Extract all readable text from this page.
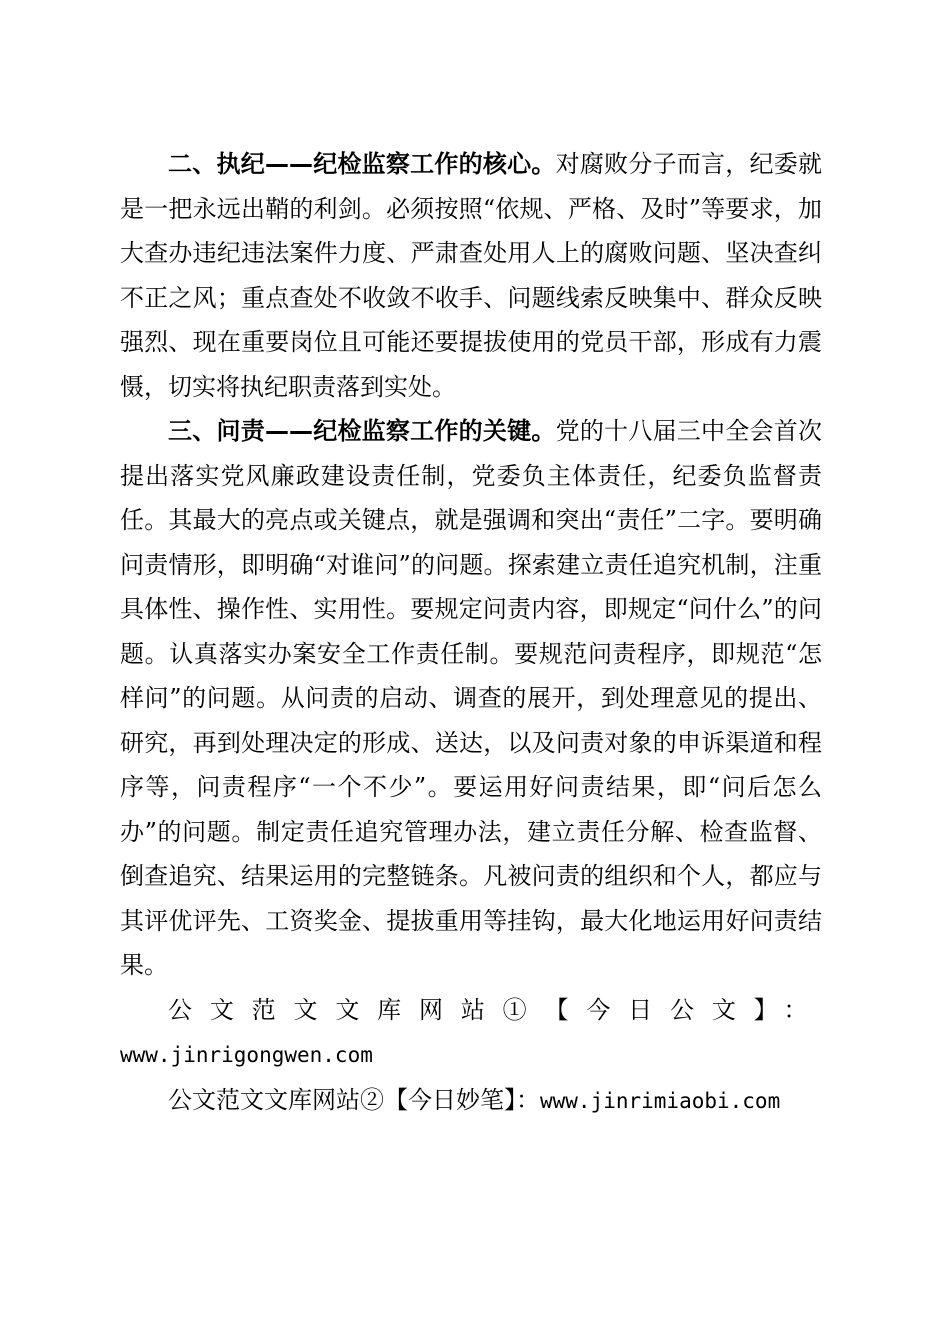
二、执纪——纪检监察工作的核心。对腐败分子而言，纪委就是一把永远出鞘的利剑。必须按照“依规、严格、及时”等要求，加大查办违纪违法案件力度、严肃查处用人上的腐败问题、坚决查纠不正之风；重点查处不收敛不收手、问题线索反映集中、群众反映强烈、现在重要岗位且可能还要提拔使用的党员干部，形成有力震慑，切实将执纪职责落到实处。

三、问责——纪检监察工作的关键。党的十八届三中全会首次提出落实党风廉政建设责任制，党委负主体责任，纪委负监督责任。其最大的亮点或关键点，就是强调和突出“责任”二字。要明确问责情形，即明确“对谁问”的问题。探索建立责任追究机制，注重具体性、操作性、实用性。要规定问责内容，即规定“问什么”的问题。认真落实办案安全工作责任制。要规范问责程序，即规范“怎样问”的问题。从问责的启动、调查的展开，到处理意见的提出、研究，再到处理决定的形成、送达，以及问责对象的申诉渠道和程序等，问责程序“一个不少”。要运用好问责结果，即“问后怎么办”的问题。制定责任追究管理办法，建立责任分解、检查监督、倒查追究、结果运用的完整链条。凡被问责的组织和个人，都应与其评优评先、工资奖金、提拔重用等挂钩，最大化地运用好问责结果。

公文范文文库网站①【今日公文】：www.jinrigongwen.com

公文范文文库网站②【今日妙笔】：www.jinrimiaobi.com
